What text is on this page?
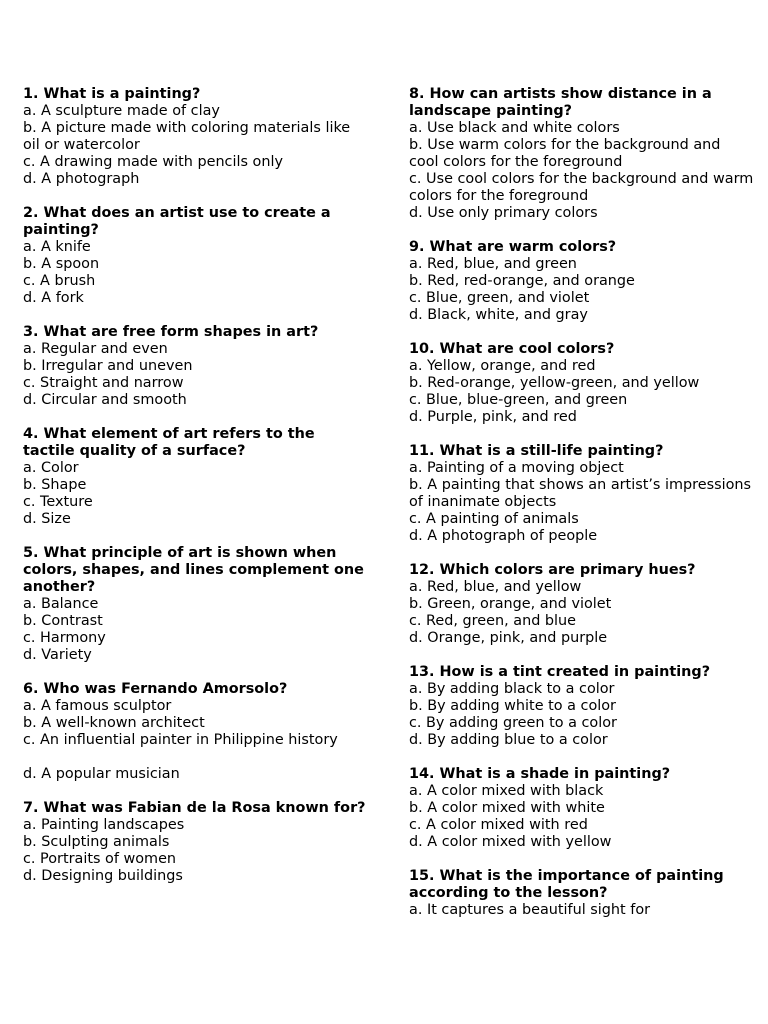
1. What is a painting?
a. A sculpture made of clay
b. A picture made with coloring materials like oil or watercolor
c. A drawing made with pencils only
d. A photograph
2. What does an artist use to create a painting?
a. A knife
b. A spoon
c. A brush
d. A fork
3. What are free form shapes in art?
a. Regular and even
b. Irregular and uneven
c. Straight and narrow
d. Circular and smooth
4. What element of art refers to the tactile quality of a surface?
a. Color
b. Shape
c. Texture
d. Size
5. What principle of art is shown when colors, shapes, and lines complement one another?
a. Balance
b. Contrast
c. Harmony
d. Variety
6. Who was Fernando Amorsolo?
a. A famous sculptor
b. A well-known architect
c. An influential painter in Philippine history
d. A popular musician
7. What was Fabian de la Rosa known for?
a. Painting landscapes
b. Sculpting animals
c. Portraits of women
d. Designing buildings
8. How can artists show distance in a landscape painting?
a. Use black and white colors
b. Use warm colors for the background and cool colors for the foreground
c. Use cool colors for the background and warm colors for the foreground
d. Use only primary colors
9. What are warm colors?
a. Red, blue, and green
b. Red, red-orange, and orange
c. Blue, green, and violet
d. Black, white, and gray
10. What are cool colors?
a. Yellow, orange, and red
b. Red-orange, yellow-green, and yellow
c. Blue, blue-green, and green
d. Purple, pink, and red
11. What is a still-life painting?
a. Painting of a moving object
b. A painting that shows an artist’s impressions of inanimate objects
c. A painting of animals
d. A photograph of people
12. Which colors are primary hues?
a. Red, blue, and yellow
b. Green, orange, and violet
c. Red, green, and blue
d. Orange, pink, and purple
13. How is a tint created in painting?
a. By adding black to a color
b. By adding white to a color
c. By adding green to a color
d. By adding blue to a color
14. What is a shade in painting?
a. A color mixed with black
b. A color mixed with white
c. A color mixed with red
d. A color mixed with yellow
15. What is the importance of painting according to the lesson?
a. It captures a beautiful sight for
